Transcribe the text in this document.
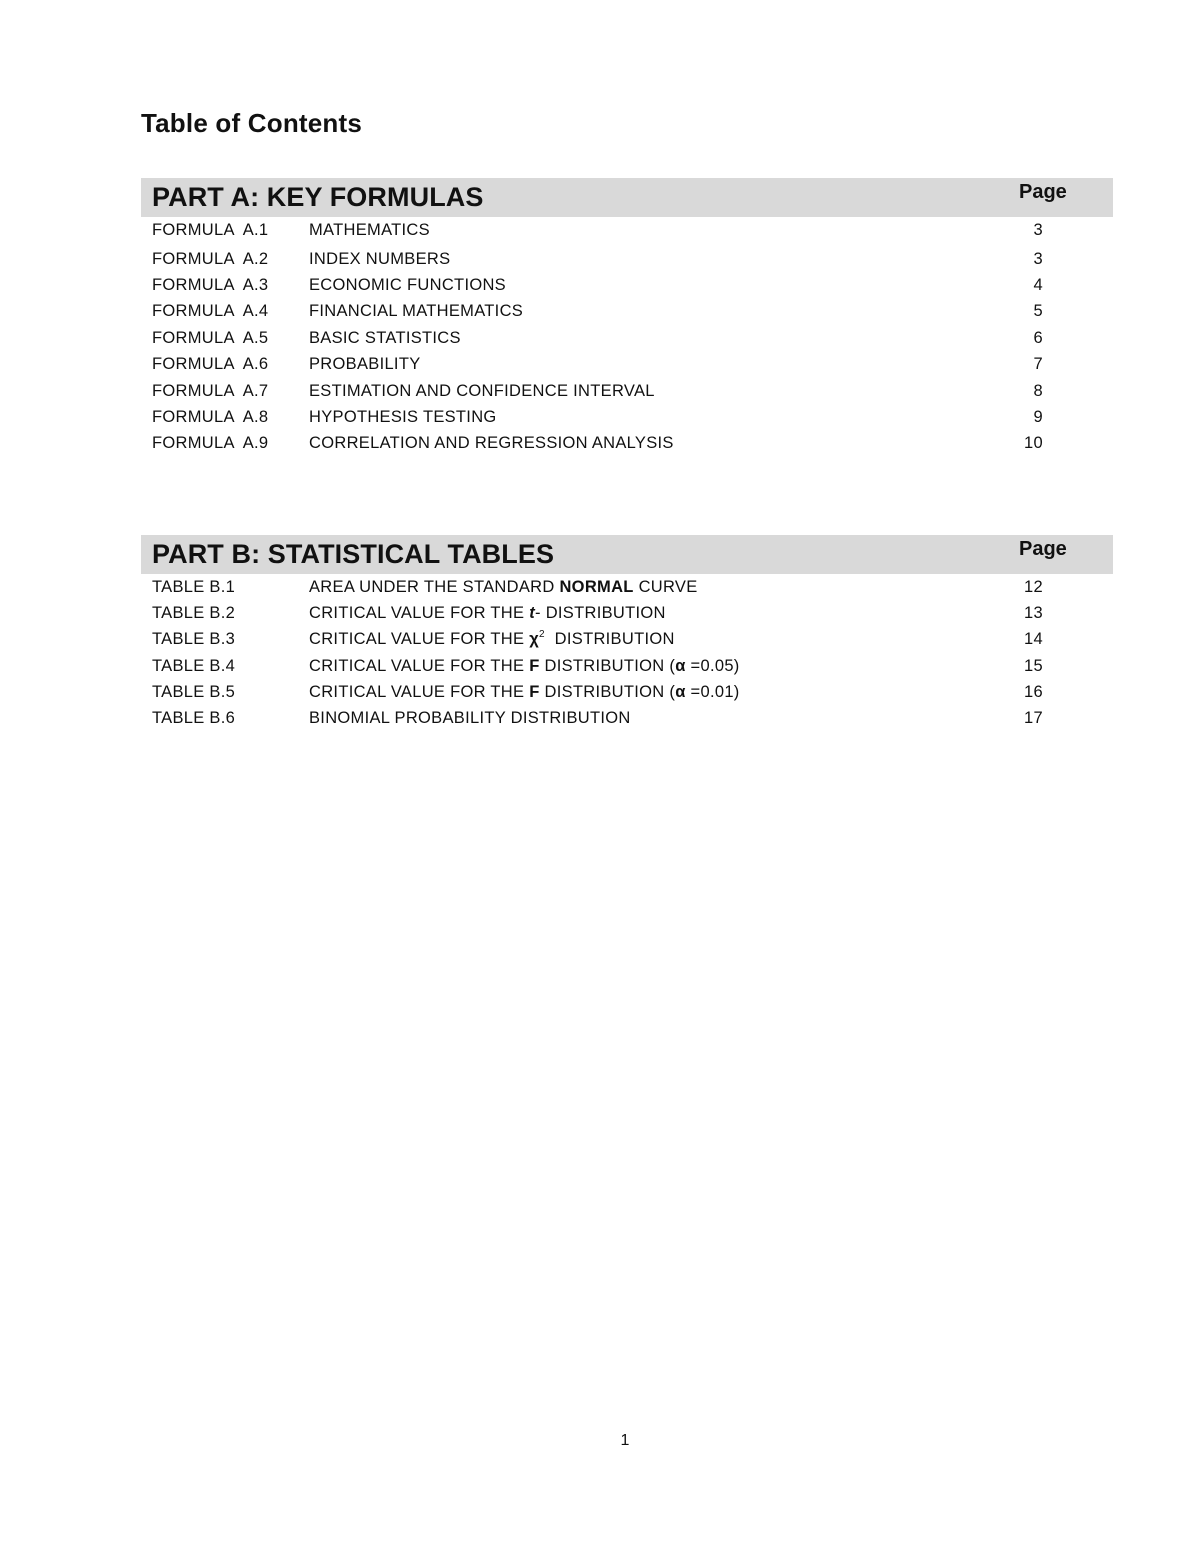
Table of Contents
PART A: KEY FORMULAS	Page
FORMULA  A.1 MATHEMATICS	3
FORMULA  A.2 INDEX NUMBERS	3
FORMULA  A.3 ECONOMIC FUNCTIONS	4
FORMULA  A.4 FINANCIAL MATHEMATICS	5
FORMULA  A.5 BASIC STATISTICS	6
FORMULA  A.6 PROBABILITY	7
FORMULA  A.7 ESTIMATION AND CONFIDENCE INTERVAL	8
FORMULA  A.8 HYPOTHESIS TESTING	9
FORMULA  A.9 CORRELATION AND REGRESSION ANALYSIS	10
PART B: STATISTICAL TABLES	Page
TABLE B.1	AREA UNDER THE STANDARD NORMAL CURVE	12
TABLE B.2	CRITICAL VALUE FOR THE t- DISTRIBUTION	13
TABLE B.3	CRITICAL VALUE FOR THE $\chi^2$  DISTRIBUTION	14
TABLE B.4	CRITICAL VALUE FOR THE F DISTRIBUTION (α =0.05)	15
TABLE B.5	CRITICAL VALUE FOR THE F DISTRIBUTION (α =0.01)	16
TABLE B.6	BINOMIAL PROBABILITY DISTRIBUTION	17
1
